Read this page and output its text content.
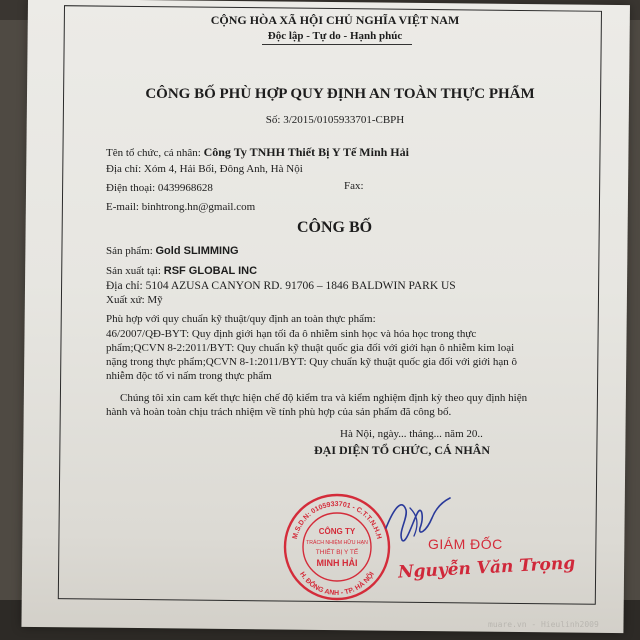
CỘNG HÒA XÃ HỘI CHỦ NGHĨA VIỆT NAM
Độc lập - Tự do - Hạnh phúc
CÔNG BỐ PHÙ HỢP QUY ĐỊNH AN TOÀN THỰC PHẨM
Số: 3/2015/0105933701-CBPH
Tên tổ chức, cá nhân: Công Ty TNHH Thiết Bị Y Tế Minh Hải
Địa chỉ: Xóm 4, Hải Bối, Đông Anh, Hà Nội
Điện thoại: 0439968628	Fax:
E-mail: binhtrong.hn@gmail.com
CÔNG BỐ
Sản phẩm: Gold SLIMMING
Sản xuất tại: RSF GLOBAL INC
Địa chỉ: 5104 AZUSA CANYON RD. 91706 – 1846 BALDWIN PARK US
Xuất xứ: Mỹ
Phù hợp với quy chuẩn kỹ thuật/quy định an toàn thực phẩm:
46/2007/QĐ-BYT: Quy định giới hạn tối đa ô nhiễm sinh học và hóa học trong thực
phẩm;QCVN 8-2:2011/BYT: Quy chuẩn kỹ thuật quốc gia đối với giới hạn ô nhiễm kim loại
nặng trong thực phẩm;QCVN 8-1:2011/BYT: Quy chuẩn kỹ thuật quốc gia đối với giới hạn ô
nhiễm độc tố vi nấm trong thực phẩm
Chúng tôi xin cam kết thực hiện chế độ kiểm tra và kiểm nghiệm định kỳ theo quy định hiện
hành và hoàn toàn chịu trách nhiệm về tính phù hợp của sản phẩm đã công bố.
Hà Nội, ngày... tháng... năm 20..
ĐẠI DIỆN TỔ CHỨC, CÁ NHÂN
M.S.D.N: 0105933701 - C.T.T.N.H.H
H. ĐÔNG ANH - TP. HÀ NỘI
CÔNG TY
TRÁCH NHIỆM HỮU HẠN
THIẾT BỊ Y TẾ
MINH HẢI
GIÁM ĐỐC
Nguyễn Văn Trọng
muare.vn - Hieulinh2009
